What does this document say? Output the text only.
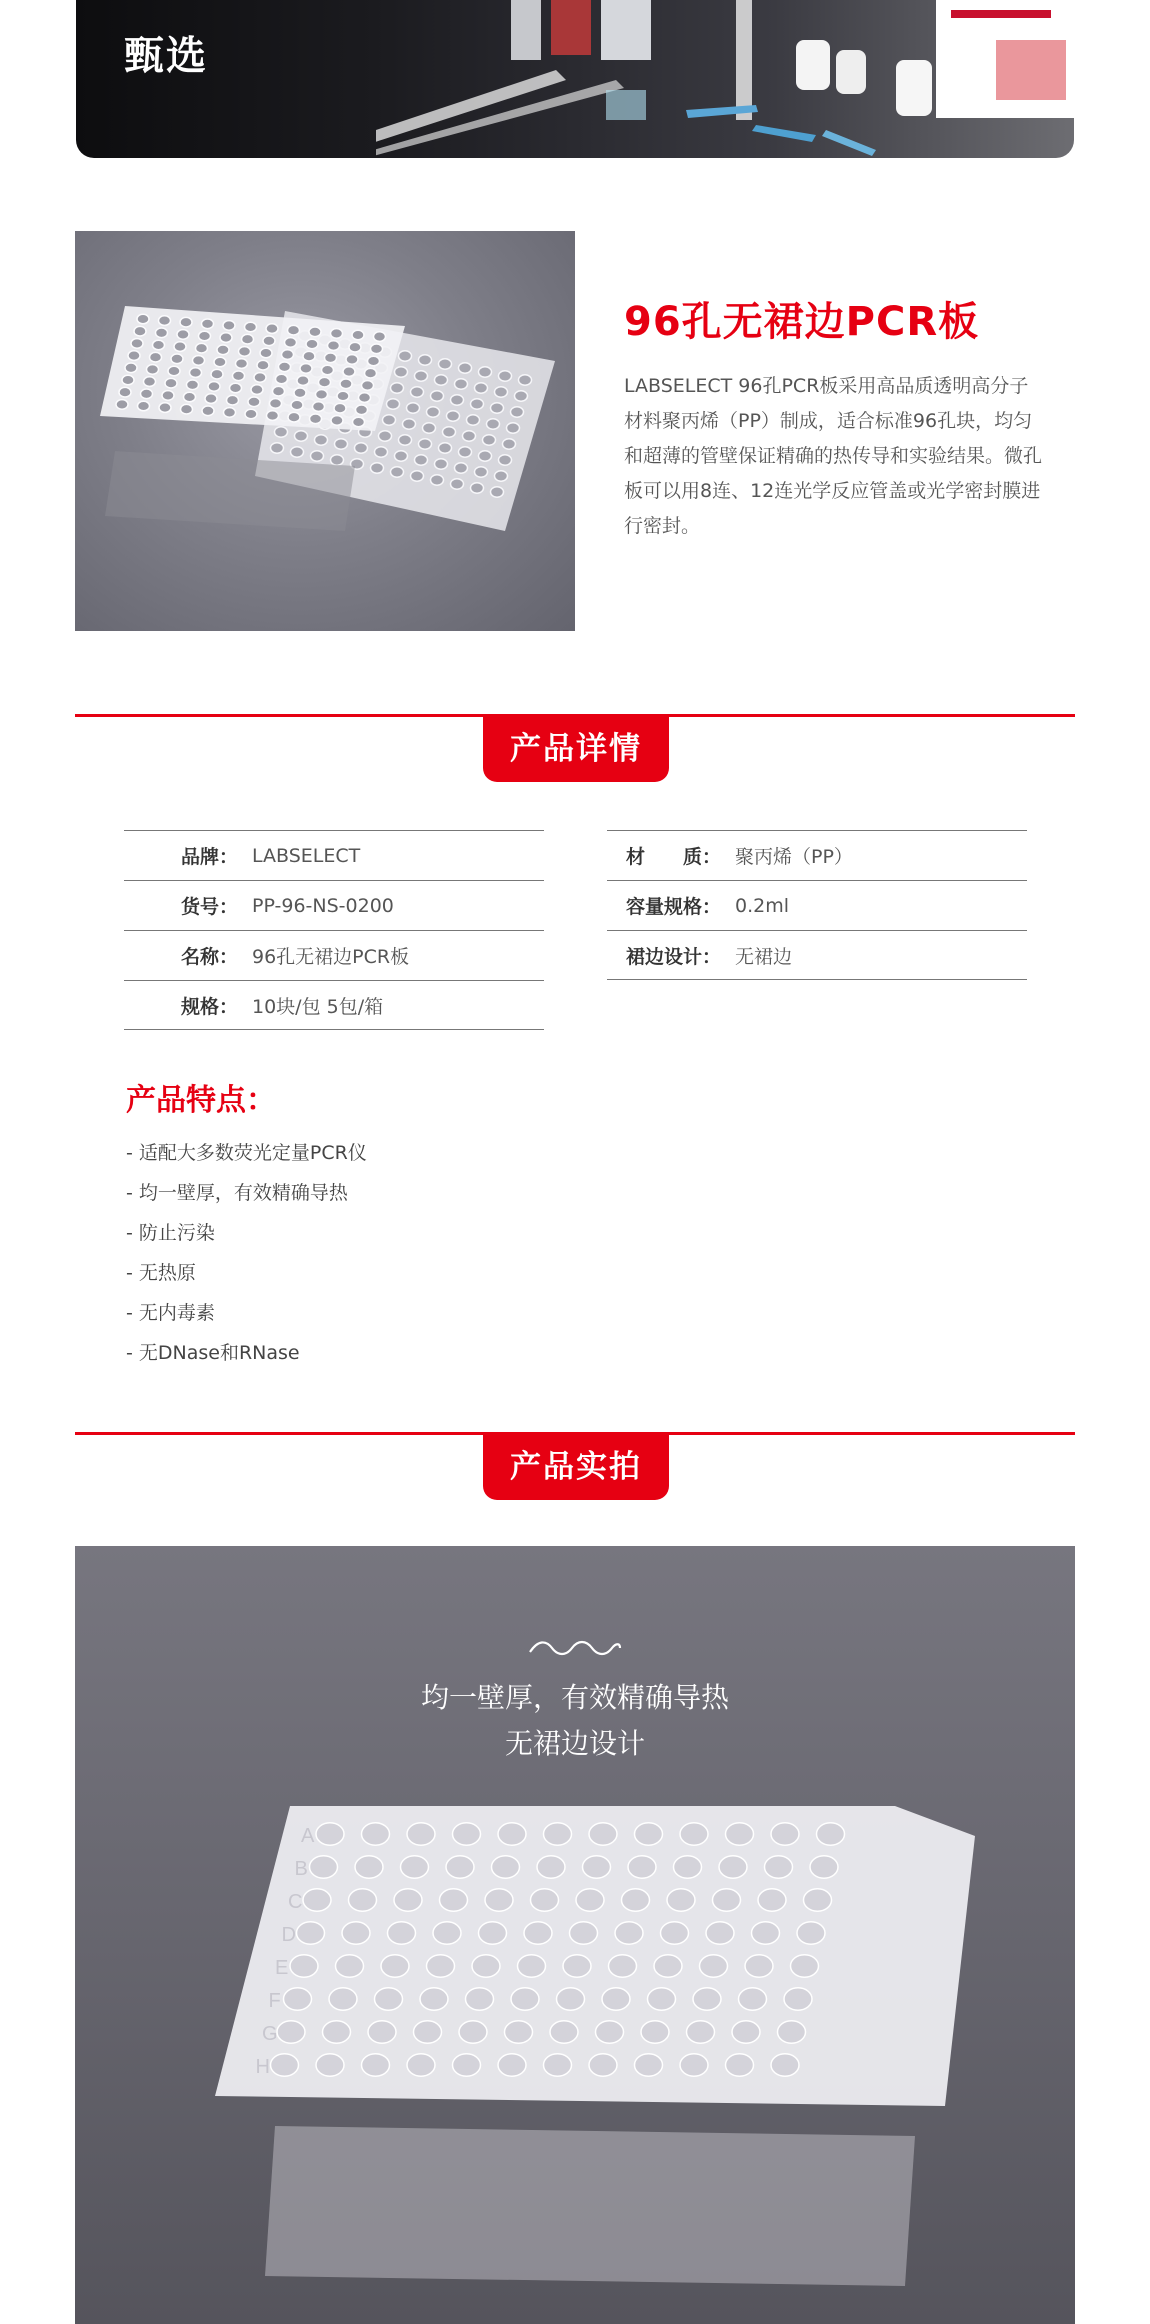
甄选
96孔无裙边PCR板
LABSELECT 96孔PCR板采用高品质透明高分子材料聚丙烯（PP）制成，适合标准96孔块，均匀和超薄的管壁保证精确的热传导和实验结果。微孔板可以用8连、12连光学反应管盖或光学密封膜进行密封。
产品详情
品牌： LABSELECT
货号： PP-96-NS-0200
名称： 96孔无裙边PCR板
规格： 10块/包 5包/箱
材　　质： 聚丙烯（PP）
容量规格： 0.2ml
裙边设计： 无裙边
产品特点：
- 适配大多数荧光定量PCR仪
- 均一壁厚，有效精确导热
- 防止污染
- 无热原
- 无内毒素
- 无DNase和RNase
产品实拍
均一壁厚，有效精确导热
无裙边设计
A
B
C
D
E
F
G
H
